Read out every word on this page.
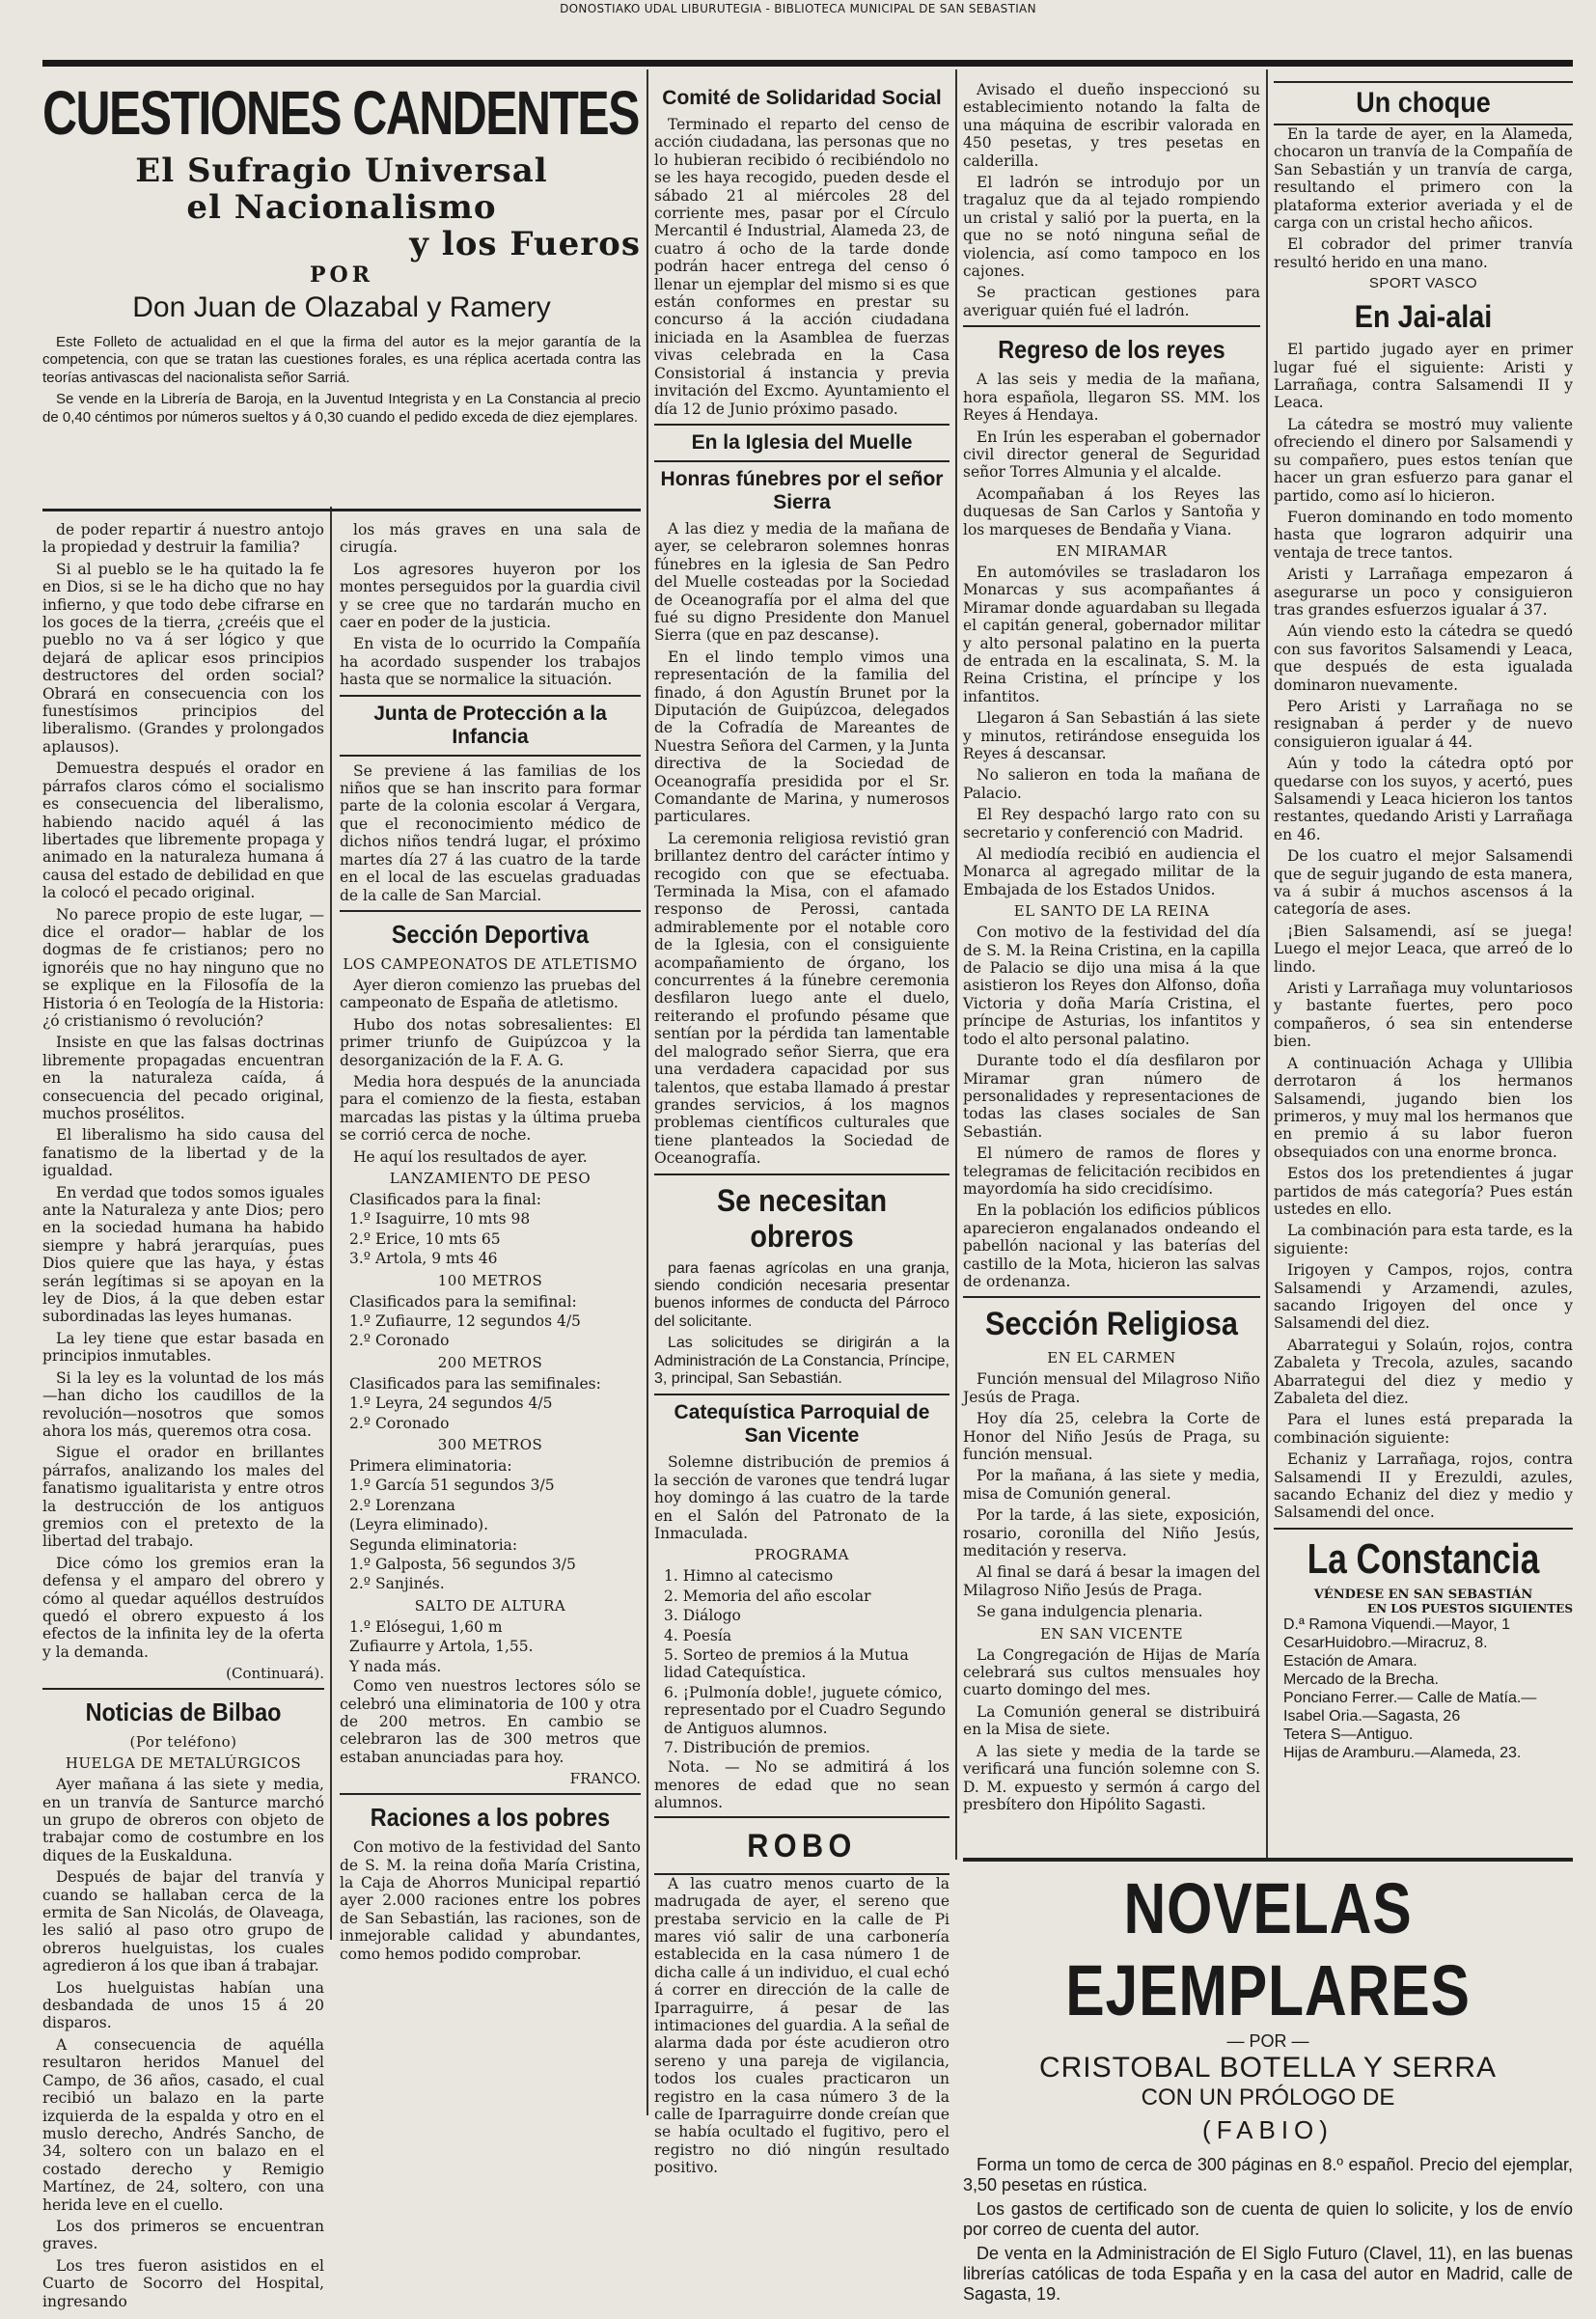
DONOSTIAKO UDAL LIBURUTEGIA - BIBLIOTECA MUNICIPAL DE SAN SEBASTIAN
CUESTIONES CANDENTES
El Sufragio Universal
el Nacionalismo
y los Fueros
POR
Don Juan de Olazabal y Ramery

Este Folleto de actualidad en el que la firma del autor es la mejor garantía de la competencia, con que se tratan las cuestiones forales, es una réplica acertada contra las teorías antivascas del nacionalista señor Sarriá.

Se vende en la Librería de Baroja, en la Juventud Integrista y en La Constancia al precio de 0,40 céntimos por números sueltos y á 0,30 cuando el pedido exceda de diez ejemplares.

de poder repartir á nuestro antojo la propiedad y destruir la familia?

Si al pueblo se le ha quitado la fe en Dios, si se le ha dicho que no hay infierno, y que todo debe cifrarse en los goces de la tierra, ¿creéis que el pueblo no va á ser lógico y que dejará de aplicar esos principios destructores del orden social? Obrará en consecuencia con los funestísimos principios del liberalismo. (Grandes y prolongados aplausos).

Demuestra después el orador en párrafos claros cómo el socialismo es consecuencia del liberalismo, habiendo nacido aquél á las libertades que libremente propaga y animado en la naturaleza humana á causa del estado de debilidad en que la colocó el pecado original.

No parece propio de este lugar, —dice el orador— hablar de los dogmas de fe cristianos; pero no ignoréis que no hay ninguno que no se explique en la Filosofía de la Historia ó en Teología de la Historia: ¿ó cristianismo ó revolución?

Insiste en que las falsas doctrinas libremente propagadas encuentran en la naturaleza caída, á consecuencia del pecado original, muchos prosélitos.

El liberalismo ha sido causa del fanatismo de la libertad y de la igualdad.

En verdad que todos somos iguales ante la Naturaleza y ante Dios; pero en la sociedad humana ha habido siempre y habrá jerarquías, pues Dios quiere que las haya, y éstas serán legítimas si se apoyan en la ley de Dios, á la que deben estar subordinadas las leyes humanas.

La ley tiene que estar basada en principios inmutables.

Si la ley es la voluntad de los más—han dicho los caudillos de la revolución—nosotros que somos ahora los más, queremos otra cosa.

Sigue el orador en brillantes párrafos, analizando los males del fanatismo igualitarista y entre otros la destrucción de los antiguos gremios con el pretexto de la libertad del trabajo.

Dice cómo los gremios eran la defensa y el amparo del obrero y cómo al quedar aquéllos destruídos quedó el obrero expuesto á los efectos de la infinita ley de la oferta y la demanda.

(Continuará).
Noticias de Bilbao
(Por teléfono)
HUELGA DE METALÚRGICOS

Ayer mañana á las siete y media, en un tranvía de Santurce marchó un grupo de obreros con objeto de trabajar como de costumbre en los diques de la Euskalduna.

Después de bajar del tranvía y cuando se hallaban cerca de la ermita de San Nicolás, de Olaveaga, les salió al paso otro grupo de obreros huelguistas, los cuales agredieron á los que iban á trabajar.

Los huelguistas habían una desbandada de unos 15 á 20 disparos.

A consecuencia de aquélla resultaron heridos Manuel del Campo, de 36 años, casado, el cual recibió un balazo en la parte izquierda de la espalda y otro en el muslo derecho, Andrés Sancho, de 34, soltero con un balazo en el costado derecho y Remigio Martínez, de 24, soltero, con una herida leve en el cuello.

Los dos primeros se encuentran graves.

Los tres fueron asistidos en el Cuarto de Socorro del Hospital, ingresando

los más graves en una sala de cirugía.

Los agresores huyeron por los montes perseguidos por la guardia civil y se cree que no tardarán mucho en caer en poder de la justicia.

En vista de lo ocurrido la Compañía ha acordado suspender los trabajos hasta que se normalice la situación.

Junta de Protección a la Infancia

Se previene á las familias de los niños que se han inscrito para formar parte de la colonia escolar á Vergara, que el reconocimiento médico de dichos niños tendrá lugar, el próximo martes día 27 á las cuatro de la tarde en el local de las escuelas graduadas de la calle de San Marcial.

Sección Deportiva
LOS CAMPEONATOS DE ATLETISMO

Ayer dieron comienzo las pruebas del campeonato de España de atletismo.

Hubo dos notas sobresalientes: El primer triunfo de Guipúzcoa y la desorganización de la F. A. G.

Media hora después de la anunciada para el comienzo de la fiesta, estaban marcadas las pistas y la última prueba se corrió cerca de noche.

He aquí los resultados de ayer.

LANZAMIENTO DE PESO
Clasificados para la final:
1.º Isaguirre, 10 mts 98
2.º Erice, 10 mts 65
3.º Artola, 9 mts 46
100 METROS
Clasificados para la semifinal:
1.º Zufiaurre, 12 segundos 4/5
2.º Coronado
200 METROS
Clasificados para las semifinales:
1.º Leyra, 24 segundos 4/5
2.º Coronado
300 METROS
Primera eliminatoria:
1.º García 51 segundos 3/5
2.º Lorenzana
(Leyra eliminado).
Segunda eliminatoria:
1.º Galposta, 56 segundos 3/5
2.º Sanjinés.
SALTO DE ALTURA
1.º Elósegui, 1,60 m
Zufiaurre y Artola, 1,55.
Y nada más.

Como ven nuestros lectores sólo se celebró una eliminatoria de 100 y otra de 200 metros. En cambio se celebraron las de 300 metros que estaban anunciadas para hoy.

FRANCO.
Raciones a los pobres

Con motivo de la festividad del Santo de S. M. la reina doña María Cristina, la Caja de Ahorros Municipal repartió ayer 2.000 raciones entre los pobres de San Sebastián, las raciones, son de inmejorable calidad y abundantes, como hemos podido comprobar.

Comité de Solidaridad Social

Terminado el reparto del censo de acción ciudadana, las personas que no lo hubieran recibido ó recibiéndolo no se les haya recogido, pueden desde el sábado 21 al miércoles 28 del corriente mes, pasar por el Círculo Mercantil é Industrial, Alameda 23, de cuatro á ocho de la tarde donde podrán hacer entrega del censo ó llenar un ejemplar del mismo si es que están conformes en prestar su concurso á la acción ciudadana iniciada en la Asamblea de fuerzas vivas celebrada en la Casa Consistorial á instancia y previa invitación del Excmo. Ayuntamiento el día 12 de Junio próximo pasado.

En la Iglesia del Muelle
Honras fúnebres por el señor Sierra

A las diez y media de la mañana de ayer, se celebraron solemnes honras fúnebres en la iglesia de San Pedro del Muelle costeadas por la Sociedad de Oceanografía por el alma del que fué su digno Presidente don Manuel Sierra (que en paz descanse).

En el lindo templo vimos una representación de la familia del finado, á don Agustín Brunet por la Diputación de Guipúzcoa, delegados de la Cofradía de Mareantes de Nuestra Señora del Carmen, y la Junta directiva de la Sociedad de Oceanografía presidida por el Sr. Comandante de Marina, y numerosos particulares.

La ceremonia religiosa revistió gran brillantez dentro del carácter íntimo y recogido con que se efectuaba. Terminada la Misa, con el afamado responso de Perossi, cantada admirablemente por el notable coro de la Iglesia, con el consiguiente acompañamiento de órgano, los concurrentes á la fúnebre ceremonia desfilaron luego ante el duelo, reiterando el profundo pésame que sentían por la pérdida tan lamentable del malogrado señor Sierra, que era una verdadera capacidad por sus talentos, que estaba llamado á prestar grandes servicios, á los magnos problemas científicos culturales que tiene planteados la Sociedad de Oceanografía.

Se necesitan obreros

para faenas agrícolas en una granja, siendo condición necesaria presentar buenos informes de conducta del Párroco del solicitante.

Las solicitudes se dirigirán a la Administración de La Constancia, Príncipe, 3, principal, San Sebastián.

Catequística Parroquial de San Vicente

Solemne distribución de premios á la sección de varones que tendrá lugar hoy domingo á las cuatro de la tarde en el Salón del Patronato de la Inmaculada.

PROGRAMA
1. Himno al catecismo
2. Memoria del año escolar
3. Diálogo
4. Poesía
5. Sorteo de premios á la Mutua lidad Catequística.
6. ¡Pulmonía doble!, juguete cómico, representado por el Cuadro Segundo de Antiguos alumnos.
7. Distribución de premios.

Nota. — No se admitirá á los menores de edad que no sean alumnos.

ROBO

A las cuatro menos cuarto de la madrugada de ayer, el sereno que prestaba servicio en la calle de Pi mares vió salir de una carbonería establecida en la casa número 1 de dicha calle á un individuo, el cual echó á correr en dirección de la calle de Iparraguirre, á pesar de las intimaciones del guardia. A la señal de alarma dada por éste acudieron otro sereno y una pareja de vigilancia, todos los cuales practicaron un registro en la casa número 3 de la calle de Iparraguirre donde creían que se había ocultado el fugitivo, pero el registro no dió ningún resultado positivo.

Avisado el dueño inspeccionó su establecimiento notando la falta de una máquina de escribir valorada en 450 pesetas, y tres pesetas en calderilla.

El ladrón se introdujo por un tragaluz que da al tejado rompiendo un cristal y salió por la puerta, en la que no se notó ninguna señal de violencia, así como tampoco en los cajones.

Se practican gestiones para averiguar quién fué el ladrón.

Regreso de los reyes

A las seis y media de la mañana, hora española, llegaron SS. MM. los Reyes á Hendaya.

En Irún les esperaban el gobernador civil director general de Seguridad señor Torres Almunia y el alcalde.

Acompañaban á los Reyes las duquesas de San Carlos y Santoña y los marqueses de Bendaña y Viana.

EN MIRAMAR

En automóviles se trasladaron los Monarcas y sus acompañantes á Miramar donde aguardaban su llegada el capitán general, gobernador militar y alto personal palatino en la puerta de entrada en la escalinata, S. M. la Reina Cristina, el príncipe y los infantitos.

Llegaron á San Sebastián á las siete y minutos, retirándose enseguida los Reyes á descansar.

No salieron en toda la mañana de Palacio.

El Rey despachó largo rato con su secretario y conferenció con Madrid.

Al mediodía recibió en audiencia el Monarca al agregado militar de la Embajada de los Estados Unidos.

EL SANTO DE LA REINA

Con motivo de la festividad del día de S. M. la Reina Cristina, en la capilla de Palacio se dijo una misa á la que asistieron los Reyes don Alfonso, doña Victoria y doña María Cristina, el príncipe de Asturias, los infantitos y todo el alto personal palatino.

Durante todo el día desfilaron por Miramar gran número de personalidades y representaciones de todas las clases sociales de San Sebastián.

El número de ramos de flores y telegramas de felicitación recibidos en mayordomía ha sido crecidísimo.

En la población los edificios públicos aparecieron engalanados ondeando el pabellón nacional y las baterías del castillo de la Mota, hicieron las salvas de ordenanza.

Sección Religiosa
EN EL CARMEN

Función mensual del Milagroso Niño Jesús de Praga.

Hoy día 25, celebra la Corte de Honor del Niño Jesús de Praga, su función mensual.

Por la mañana, á las siete y media, misa de Comunión general.

Por la tarde, á las siete, exposición, rosario, coronilla del Niño Jesús, meditación y reserva.

Al final se dará á besar la imagen del Milagroso Niño Jesús de Praga.

Se gana indulgencia plenaria.

EN SAN VICENTE

La Congregación de Hijas de María celebrará sus cultos mensuales hoy cuarto domingo del mes.

La Comunión general se distribuirá en la Misa de siete.

A las siete y media de la tarde se verificará una función solemne con S. D. M. expuesto y sermón á cargo del presbítero don Hipólito Sagasti.

Un choque

En la tarde de ayer, en la Alameda, chocaron un tranvía de la Compañía de San Sebastián y un tranvía de carga, resultando el primero con la plataforma exterior averiada y el de carga con un cristal hecho añicos.

El cobrador del primer tranvía resultó herido en una mano.

SPORT VASCO
En Jai-alai

El partido jugado ayer en primer lugar fué el siguiente: Aristi y Larrañaga, contra Salsamendi II y Leaca.

La cátedra se mostró muy valiente ofreciendo el dinero por Salsamendi y su compañero, pues estos tenían que hacer un gran esfuerzo para ganar el partido, como así lo hicieron.

Fueron dominando en todo momento hasta que lograron adquirir una ventaja de trece tantos.

Aristi y Larrañaga empezaron á asegurarse un poco y consiguieron tras grandes esfuerzos igualar á 37.

Aún viendo esto la cátedra se quedó con sus favoritos Salsamendi y Leaca, que después de esta igualada dominaron nuevamente.

Pero Aristi y Larrañaga no se resignaban á perder y de nuevo consiguieron igualar á 44.

Aún y todo la cátedra optó por quedarse con los suyos, y acertó, pues Salsamendi y Leaca hicieron los tantos restantes, quedando Aristi y Larrañaga en 46.

De los cuatro el mejor Salsamendi que de seguir jugando de esta manera, va á subir á muchos ascensos á la categoría de ases.

¡Bien Salsamendi, así se juega! Luego el mejor Leaca, que arreó de lo lindo.

Aristi y Larrañaga muy voluntariosos y bastante fuertes, pero poco compañeros, ó sea sin entenderse bien.

A continuación Achaga y Ullibia derrotaron á los hermanos Salsamendi, jugando bien los primeros, y muy mal los hermanos que en premio á su labor fueron obsequiados con una enorme bronca.

Estos dos los pretendientes á jugar partidos de más categoría? Pues están ustedes en ello.

La combinación para esta tarde, es la siguiente:

Irigoyen y Campos, rojos, contra Salsamendi y Arzamendi, azules, sacando Irigoyen del once y Salsamendi del diez.

Abarrategui y Solaún, rojos, contra Zabaleta y Trecola, azules, sacando Abarrategui del diez y medio y Zabaleta del diez.

Para el lunes está preparada la combinación siguiente:

Echaniz y Larrañaga, rojos, contra Salsamendi II y Erezuldi, azules, sacando Echaniz del diez y medio y Salsamendi del once.

La Constancia
VÉNDESE EN SAN SEBASTIÁN
EN LOS PUESTOS SIGUIENTES
D.ª Ramona Viquendi.—Mayor, 1
CesarHuidobro.—Miracruz, 8.
Estación de Amara.
Mercado de la Brecha.
Ponciano Ferrer.— Calle de Matía.—
Isabel Oria.—Sagasta, 26
Tetera S—Antiguo.
Hijas de Aramburu.—Alameda, 23.
NOVELAS EJEMPLARES
— POR —
CRISTOBAL BOTELLA Y SERRA
CON UN PRÓLOGO DE
(FABIO)

Forma un tomo de cerca de 300 páginas en 8.º español. Precio del ejemplar, 3,50 pesetas en rústica.

Los gastos de certificado son de cuenta de quien lo solicite, y los de envío por correo de cuenta del autor.

De venta en la Administración de El Siglo Futuro (Clavel, 11), en las buenas librerías católicas de toda España y en la casa del autor en Madrid, calle de Sagasta, 19.
